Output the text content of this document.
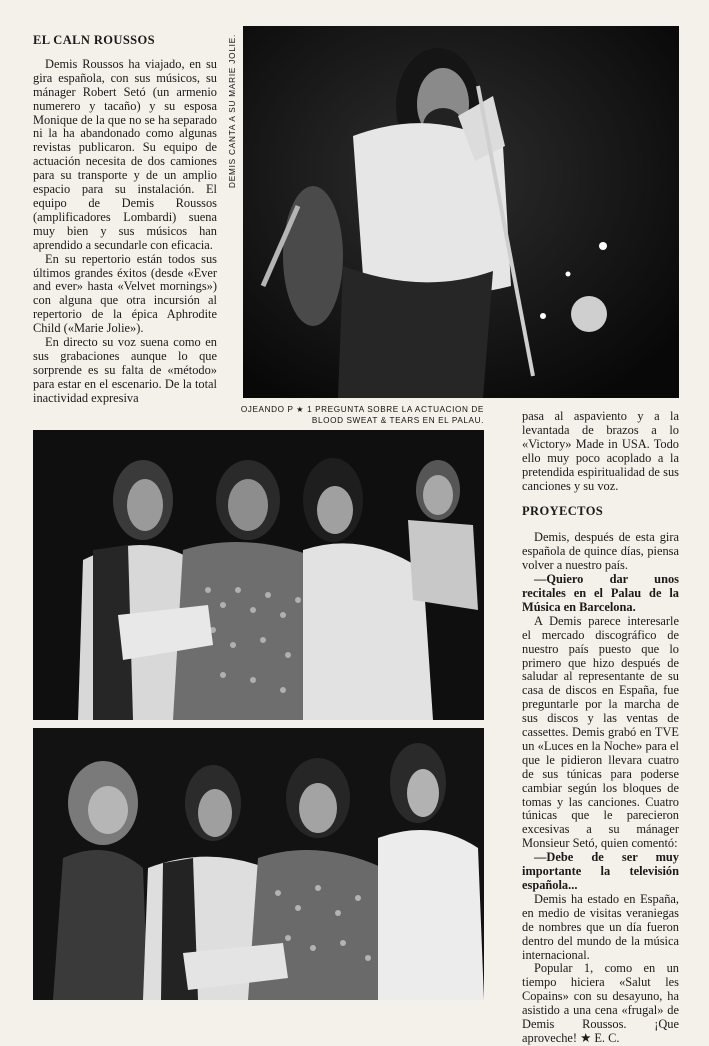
EL CALN ROUSSOS

Demis Roussos ha viajado, en su gira española, con sus músicos, su mánager Robert Setó (un armenio numerero y tacaño) y su esposa Monique de la que no se ha separado ni la ha abandonado como algunas revistas publicaron. Su equipo de actuación necesita de dos camiones para su transporte y de un amplio espacio para su instalación. El equipo de Demis Roussos (amplificadores Lombardi) suena muy bien y sus músicos han aprendido a secundarle con eficacia.

En su repertorio están todos sus últimos grandes éxitos (desde «Ever and ever» hasta «Velvet mornings») con alguna que otra incursión al repertorio de la épica Aphrodite Child («Marie Jolie»).

En directo su voz suena como en sus grabaciones aunque lo que sorprende es su falta de «método» para estar en el escenario. De la total inactividad expresiva

DEMIS CANTA A SU MARIE JOLIE.
OJEANDO P ★ 1 PREGUNTA SOBRE LA ACTUACION DE
BLOOD SWEAT & TEARS EN EL PALAU.	pasa al aspaviento y a la levantada de brazos a lo «Victory» Made in USA. Todo ello muy poco acoplado a la pretendida espiritualidad de sus canciones y su voz.

PROYECTOS

Demis, después de esta gira española de quince días, piensa volver a nuestro país.

—Quiero dar unos recitales en el Palau de la Música en Barcelona.

A Demis parece interesarle el mercado discográfico de nuestro país puesto que lo primero que hizo después de saludar al representante de su casa de discos en España, fue preguntarle por la marcha de sus discos y las ventas de cassettes. Demis grabó en TVE un «Luces en la Noche» para el que le pidieron llevara cuatro de sus túnicas para poderse cambiar según los bloques de tomas y las canciones. Cuatro túnicas que le parecieron excesivas a su mánager Monsieur Setó, quien comentó:

—Debe de ser muy importante la televisión española...

Demis ha estado en España, en medio de visitas veraniegas de nombres que un día fueron dentro del mundo de la música internacional.

Popular 1, como en un tiempo hiciera «Salut les Copains» con su desayuno, ha asistido a una cena «frugal» de Demis Roussos. ¡Que aproveche! ★ E. C.
